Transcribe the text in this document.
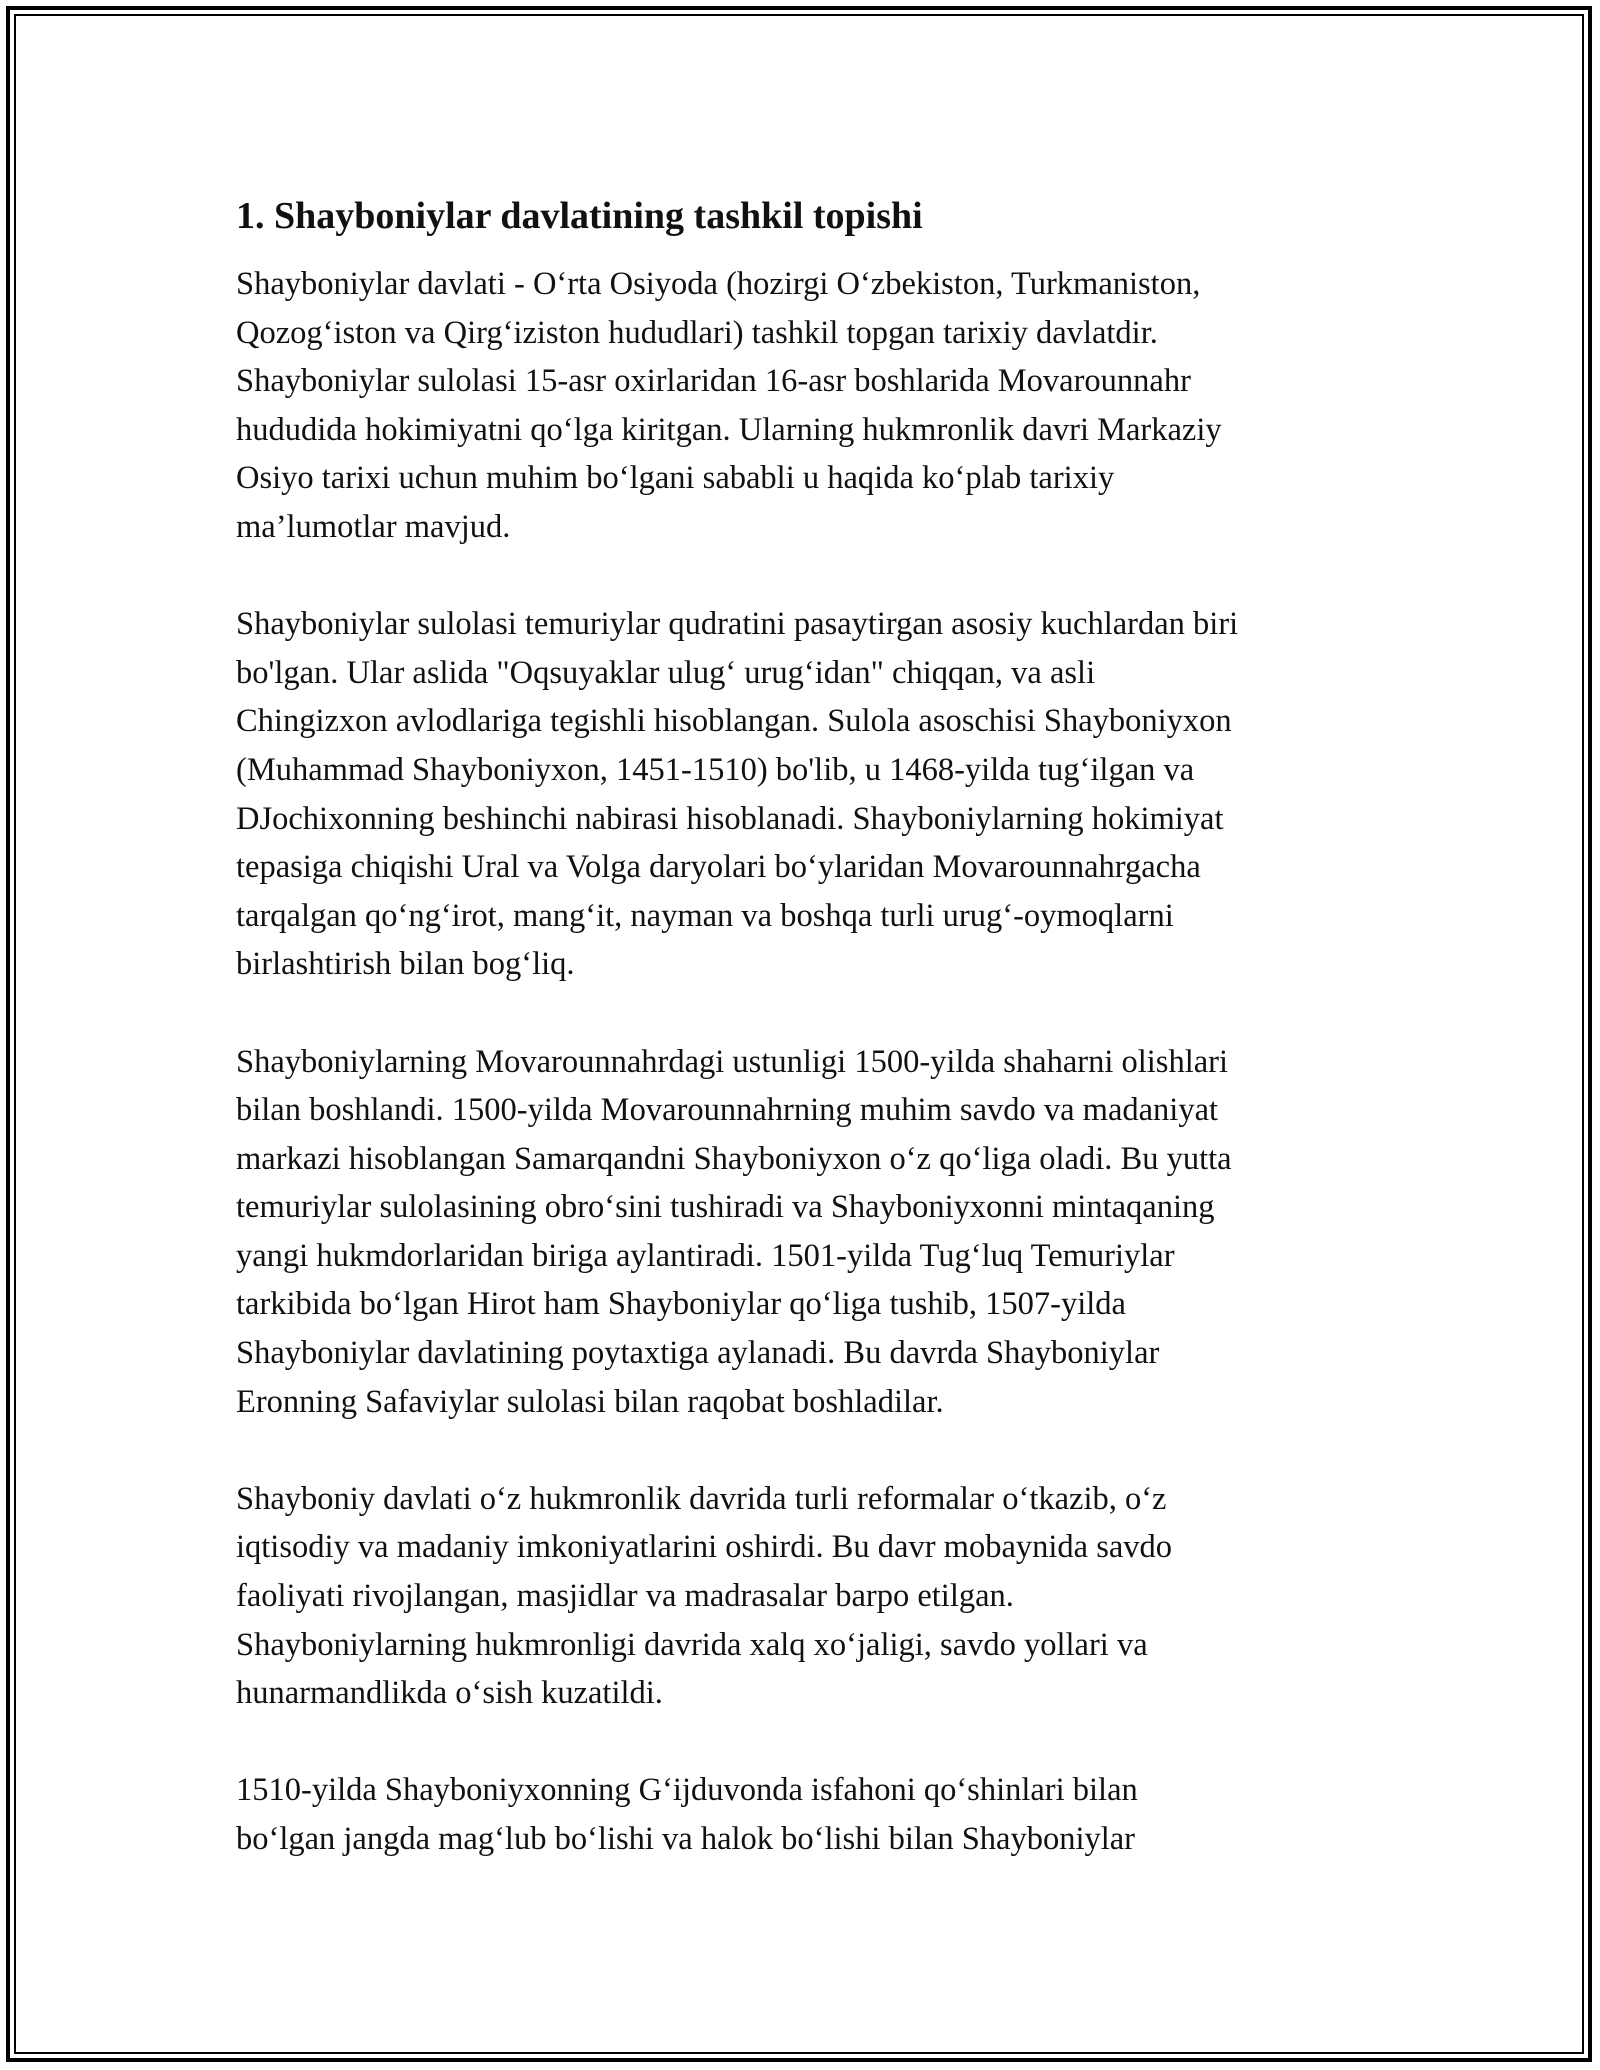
1. Shayboniylar davlatining tashkil topishi
Shayboniylar davlati - O‘rta Osiyoda (hozirgi O‘zbekiston, Turkmaniston,
Qozog‘iston va Qirg‘iziston hududlari) tashkil topgan tarixiy davlatdir.
Shayboniylar sulolasi 15-asr oxirlaridan 16-asr boshlarida Movarounnahr
hududida hokimiyatni qo‘lga kiritgan. Ularning hukmronlik davri Markaziy
Osiyo tarixi uchun muhim bo‘lgani sababli u haqida ko‘plab tarixiy
ma’lumotlar mavjud.
Shayboniylar sulolasi temuriylar qudratini pasaytirgan asosiy kuchlardan biri
bo'lgan. Ular aslida "Oqsuyaklar ulug‘ urug‘idan" chiqqan, va asli
Chingizxon avlodlariga tegishli hisoblangan. Sulola asoschisi Shayboniyxon
(Muhammad Shayboniyxon, 1451-1510) bo'lib, u 1468-yilda tug‘ilgan va
DJochixonning beshinchi nabirasi hisoblanadi. Shayboniylarning hokimiyat
tepasiga chiqishi Ural va Volga daryolari bo‘ylaridan Movarounnahrgacha
tarqalgan qo‘ng‘irot, mang‘it, nayman va boshqa turli urug‘-oymoqlarni
birlashtirish bilan bog‘liq.
Shayboniylarning Movarounnahrdagi ustunligi 1500-yilda shaharni olishlari
bilan boshlandi. 1500-yilda Movarounnahrning muhim savdo va madaniyat
markazi hisoblangan Samarqandni Shayboniyxon o‘z qo‘liga oladi. Bu yutta
temuriylar sulolasining obro‘sini tushiradi va Shayboniyxonni mintaqaning
yangi hukmdorlaridan biriga aylantiradi. 1501-yilda Tug‘luq Temuriylar
tarkibida bo‘lgan Hirot ham Shayboniylar qo‘liga tushib, 1507-yilda
Shayboniylar davlatining poytaxtiga aylanadi. Bu davrda Shayboniylar
Eronning Safaviylar sulolasi bilan raqobat boshladilar.
Shayboniy davlati o‘z hukmronlik davrida turli reformalar o‘tkazib, o‘z
iqtisodiy va madaniy imkoniyatlarini oshirdi. Bu davr mobaynida savdo
faoliyati rivojlangan, masjidlar va madrasalar barpo etilgan.
Shayboniylarning hukmronligi davrida xalq xo‘jaligi, savdo yollari va
hunarmandlikda o‘sish kuzatildi.
1510-yilda Shayboniyxonning G‘ijduvonda isfahoni qo‘shinlari bilan
bo‘lgan jangda mag‘lub bo‘lishi va halok bo‘lishi bilan Shayboniylar
